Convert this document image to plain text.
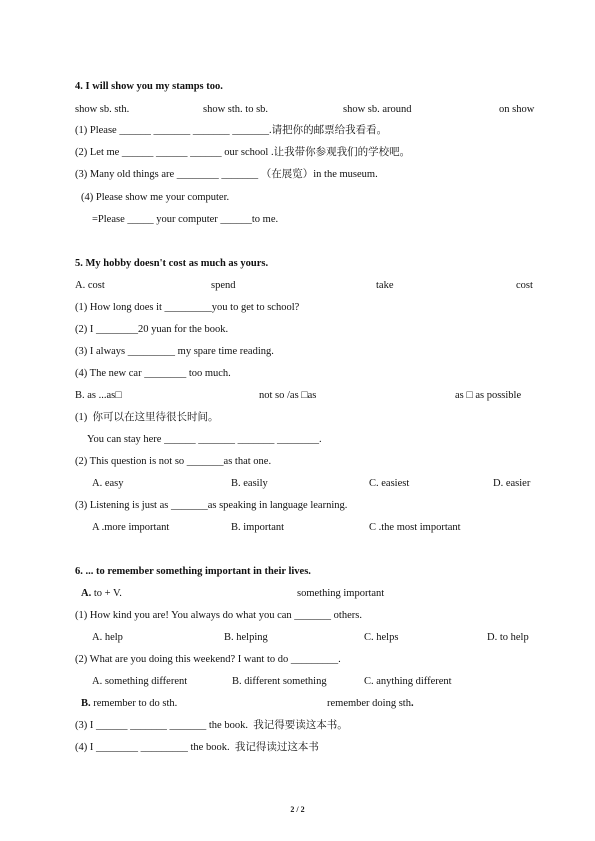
4. I will show you my stamps too.
show sb. sth.	show sth. to sb.	show sb. around	on show
(1) Please ______ _______ _______ _______.请把你的邮票给我看看。
(2) Let me ______ ______ ______ our school .让我带你参观我们的学校吧。
(3) Many old things are ________ _______ （在展览）in the museum.
(4) Please show me your computer.
=Please _____ your computer ______to me.
5. My hobby doesn't cost as much as yours.
A. cost	spend	take	cost
(1) How long does it _________you to get to school?
(2) I ________20 yuan for the book.
(3) I always _________ my spare time reading.
(4) The new car ________ too much.
B. as ...as□	not so /as □as	as □ as possible
(1)  你可以在这里待很长时间。
You can stay here ______ _______ _______ ________.
(2) This question is not so _______as that one.
A. easy	B. easily	C. easiest	D. easier
(3) Listening is just as _______as speaking in language learning.
A .more important	B. important	C .the most important
6. ... to remember something important in their lives.
A. to + V.	something important
(1) How kind you are! You always do what you can _______ others.
A. help	B. helping	C. helps	D. to help
(2) What are you doing this weekend? I want to do _________.
A. something different	B. different something	C. anything different
B. remember to do sth.	remember doing sth.
(3) I ______ _______ _______ the book.  我记得要读这本书。
(4) I ________ _________ the book.  我记得读过这本书
2 / 2
